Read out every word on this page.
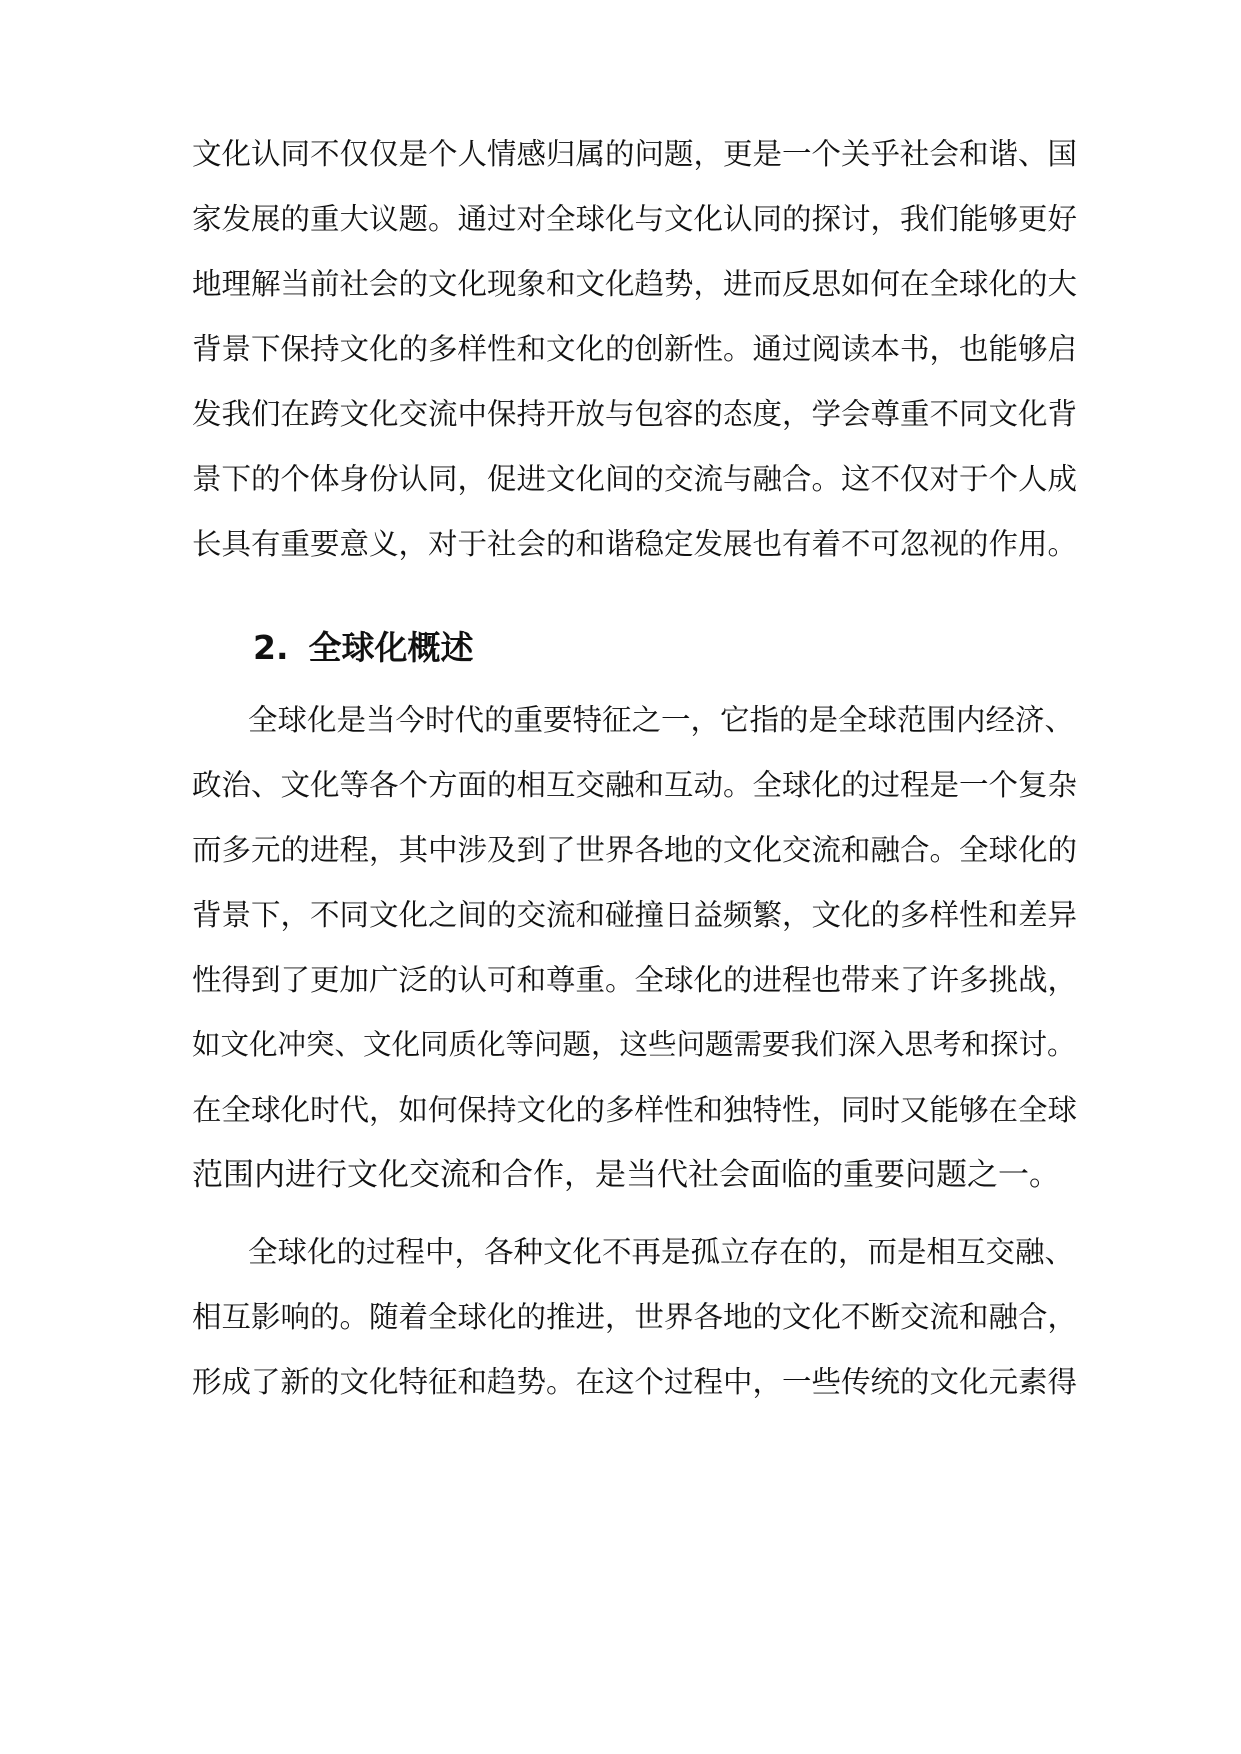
文化认同不仅仅是个人情感归属的问题，更是一个关乎社会和谐、国
家发展的重大议题。通过对全球化与文化认同的探讨，我们能够更好
地理解当前社会的文化现象和文化趋势，进而反思如何在全球化的大
背景下保持文化的多样性和文化的创新性。通过阅读本书，也能够启
发我们在跨文化交流中保持开放与包容的态度，学会尊重不同文化背
景下的个体身份认同，促进文化间的交流与融合。这不仅对于个人成
长具有重要意义，对于社会的和谐稳定发展也有着不可忽视的作用。
2. 全球化概述
全球化是当今时代的重要特征之一，它指的是全球范围内经济、
政治、文化等各个方面的相互交融和互动。全球化的过程是一个复杂
而多元的进程，其中涉及到了世界各地的文化交流和融合。全球化的
背景下，不同文化之间的交流和碰撞日益频繁，文化的多样性和差异
性得到了更加广泛的认可和尊重。全球化的进程也带来了许多挑战，
如文化冲突、文化同质化等问题，这些问题需要我们深入思考和探讨。
在全球化时代，如何保持文化的多样性和独特性，同时又能够在全球
范围内进行文化交流和合作，是当代社会面临的重要问题之一。
全球化的过程中，各种文化不再是孤立存在的，而是相互交融、
相互影响的。随着全球化的推进，世界各地的文化不断交流和融合，
形成了新的文化特征和趋势。在这个过程中，一些传统的文化元素得
